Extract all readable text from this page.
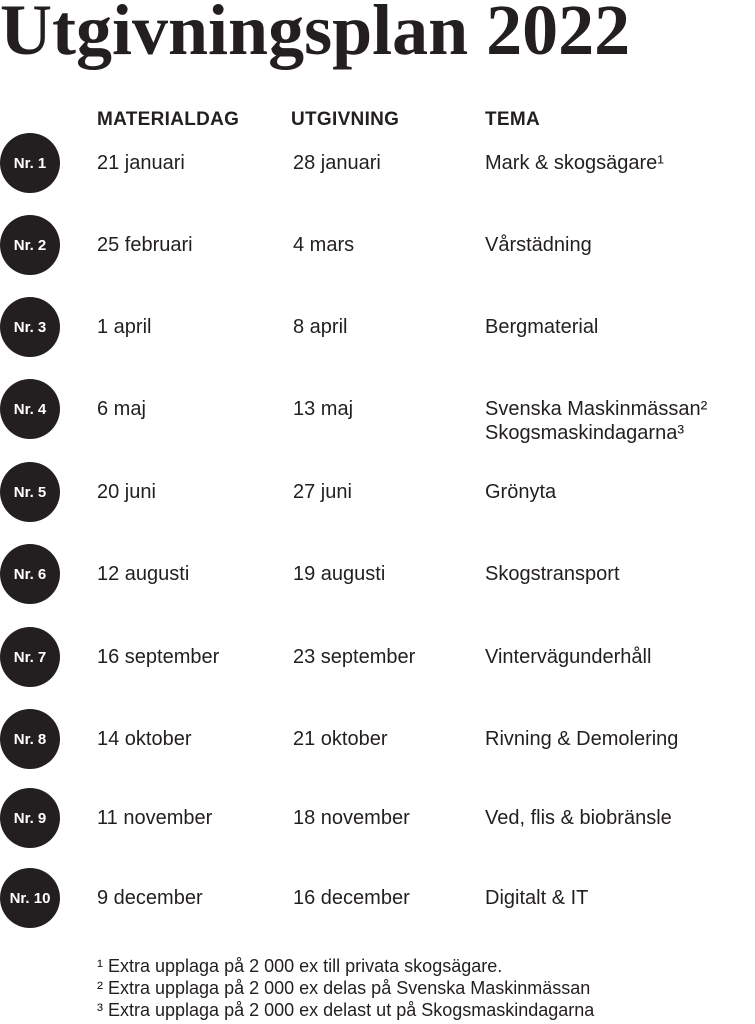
Utgivningsplan 2022
MATERIALDAG	UTGIVNING	TEMA
Nr. 1	21 januari	28 januari	Mark & skogsägare¹
Nr. 2	25 februari	4 mars	Vårstädning
Nr. 3	1 april	8 april	Bergmaterial
Nr. 4	6 maj	13 maj	Svenska Maskinmässan²
Skogsmaskindagarna³
Nr. 5	20 juni	27 juni	Grönyta
Nr. 6	12 augusti	19 augusti	Skogstransport
Nr. 7	16 september	23 september	Vintervägunderhåll
Nr. 8	14 oktober	21 oktober	Rivning & Demolering
Nr. 9	11 november	18 november	Ved, flis & biobränsle
Nr. 10	9 december	16 december	Digitalt & IT
¹ Extra upplaga på 2 000 ex till privata skogsägare.
² Extra upplaga på 2 000 ex delas på Svenska Maskinmässan
³ Extra upplaga på 2 000 ex delast ut på Skogsmaskindagarna
